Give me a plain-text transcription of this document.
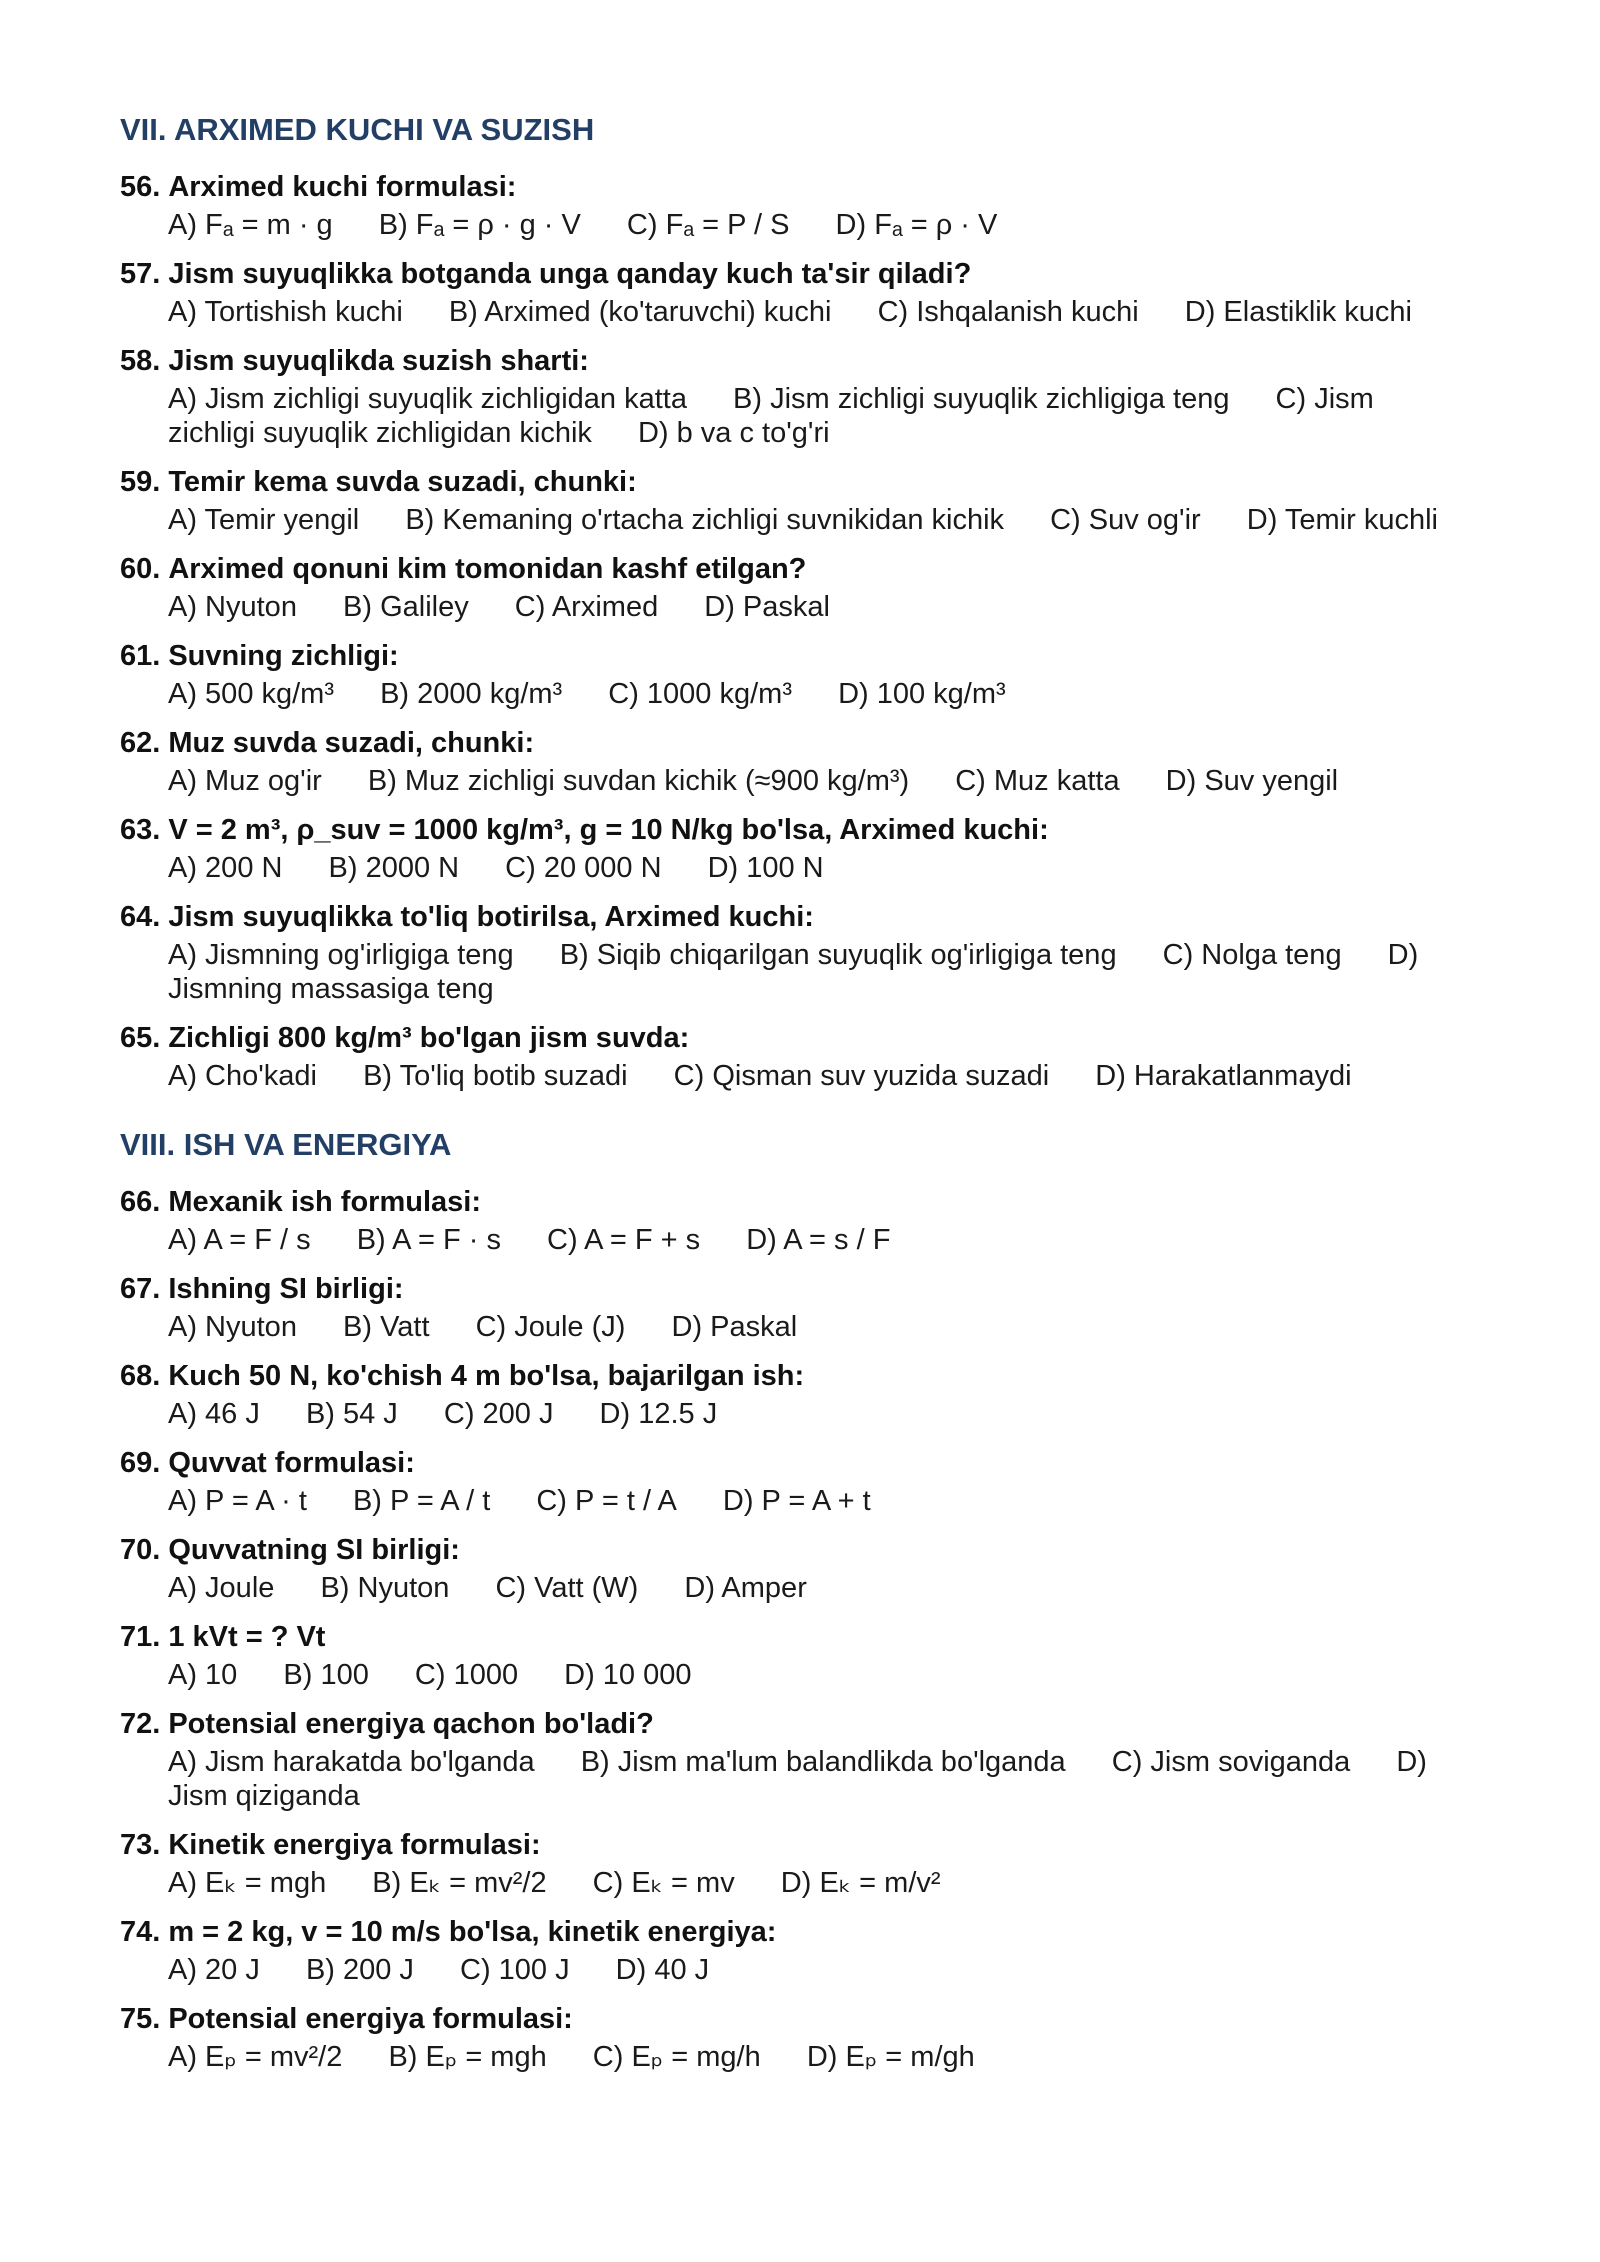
VII. ARXIMED KUCHI VA SUZISH
56. Arximed kuchi formulasi:
A) Fₐ = m · g B) Fₐ = ρ · g · V C) Fₐ = P / S D) Fₐ = ρ · V
57. Jism suyuqlikka botganda unga qanday kuch ta'sir qiladi?
A) Tortishish kuchi B) Arximed (ko'taruvchi) kuchi C) Ishqalanish kuchi D) Elastiklik kuchi
58. Jism suyuqlikda suzish sharti:
A) Jism zichligi suyuqlik zichligidan katta B) Jism zichligi suyuqlik zichligiga teng C) Jism zichligi suyuqlik zichligidan kichik D) b va c to'g'ri
59. Temir kema suvda suzadi, chunki:
A) Temir yengil B) Kemaning o'rtacha zichligi suvnikidan kichik C) Suv og'ir D) Temir kuchli
60. Arximed qonuni kim tomonidan kashf etilgan?
A) Nyuton B) Galiley C) Arximed D) Paskal
61. Suvning zichligi:
A) 500 kg/m³ B) 2000 kg/m³ C) 1000 kg/m³ D) 100 kg/m³
62. Muz suvda suzadi, chunki:
A) Muz og'ir B) Muz zichligi suvdan kichik (≈900 kg/m³) C) Muz katta D) Suv yengil
63. V = 2 m³, ρ_suv = 1000 kg/m³, g = 10 N/kg bo'lsa, Arximed kuchi:
A) 200 N B) 2000 N C) 20 000 N D) 100 N
64. Jism suyuqlikka to'liq botirilsa, Arximed kuchi:
A) Jismning og'irligiga teng B) Siqib chiqarilgan suyuqlik og'irligiga teng C) Nolga teng D) Jismning massasiga teng
65. Zichligi 800 kg/m³ bo'lgan jism suvda:
A) Cho'kadi B) To'liq botib suzadi C) Qisman suv yuzida suzadi D) Harakatlanmaydi
VIII. ISH VA ENERGIYA
66. Mexanik ish formulasi:
A) A = F / s B) A = F · s C) A = F + s D) A = s / F
67. Ishning SI birligi:
A) Nyuton B) Vatt C) Joule (J) D) Paskal
68. Kuch 50 N, ko'chish 4 m bo'lsa, bajarilgan ish:
A) 46 J B) 54 J C) 200 J D) 12.5 J
69. Quvvat formulasi:
A) P = A · t B) P = A / t C) P = t / A D) P = A + t
70. Quvvatning SI birligi:
A) Joule B) Nyuton C) Vatt (W) D) Amper
71. 1 kVt = ? Vt
A) 10 B) 100 C) 1000 D) 10 000
72. Potensial energiya qachon bo'ladi?
A) Jism harakatda bo'lganda B) Jism ma'lum balandlikda bo'lganda C) Jism soviganda D) Jism qiziganda
73. Kinetik energiya formulasi:
A) Eₖ = mgh B) Eₖ = mv²/2 C) Eₖ = mv D) Eₖ = m/v²
74. m = 2 kg, v = 10 m/s bo'lsa, kinetik energiya:
A) 20 J B) 200 J C) 100 J D) 40 J
75. Potensial energiya formulasi:
A) Eₚ = mv²/2 B) Eₚ = mgh C) Eₚ = mg/h D) Eₚ = m/gh
